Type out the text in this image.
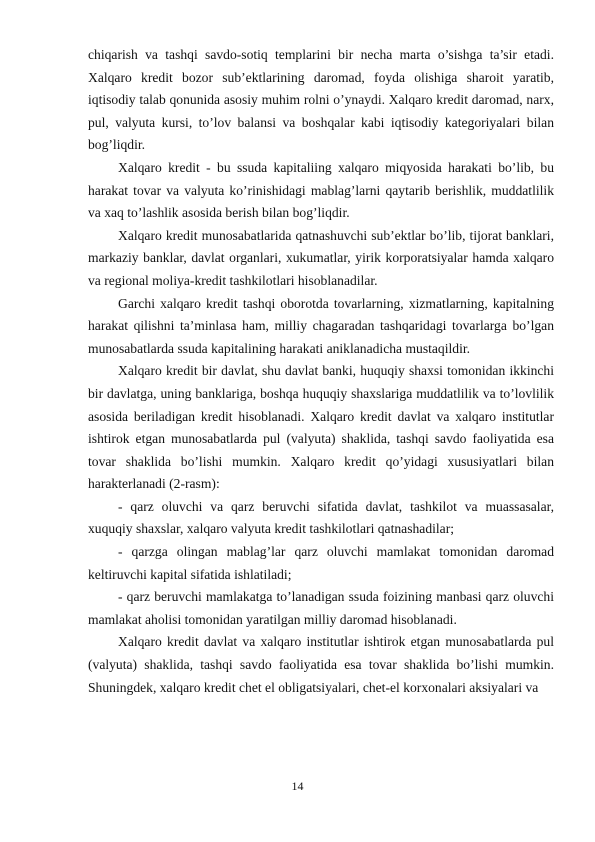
chiqarish va tashqi savdo-sotiq templarini bir necha marta o’sishga ta’sir etadi. Xalqaro kredit bozor sub’ektlarining daromad, foyda olishiga sharoit yaratib, iqtisodiy talab qonunida asosiy muhim rolni o’ynaydi. Xalqaro kredit daromad, narx, pul, valyuta kursi, to’lov balansi va boshqalar kabi iqtisodiy kategoriyalari bilan bog’liqdir.

Xalqaro kredit - bu ssuda kapitaliing xalqaro miqyosida harakati bo’lib, bu harakat tovar va valyuta ko’rinishidagi mablag’larni qaytarib berishlik, muddatlilik va xaq to’lashlik asosida berish bilan bog’liqdir.

Xalqaro kredit munosabatlarida qatnashuvchi sub’ektlar bo’lib, tijorat banklari, markaziy banklar, davlat organlari, xukumatlar, yirik korporatsiyalar hamda xalqaro va regional moliya-kredit tashkilotlari hisoblanadilar.

Garchi xalqaro kredit tashqi oborotda tovarlarning, xizmatlarning, kapitalning harakat qilishni ta’minlasa ham, milliy chagaradan tashqaridagi tovarlarga bo’lgan munosabatlarda ssuda kapitalining harakati aniklanadicha mustaqildir.

Xalqaro kredit bir davlat, shu davlat banki, huquqiy shaxsi tomonidan ikkinchi bir davlatga, uning banklariga, boshqa huquqiy shaxslariga muddatlilik va to’lovlilik asosida beriladigan kredit hisoblanadi. Xalqaro kredit davlat va xalqaro institutlar ishtirok etgan munosabatlarda pul (valyuta) shaklida, tashqi savdo faoliyatida esa tovar shaklida bo’lishi mumkin. Xalqaro kredit qo’yidagi xususiyatlari bilan harakterlanadi (2-rasm):

- qarz oluvchi va qarz beruvchi sifatida davlat, tashkilot va muassasalar, xuquqiy shaxslar, xalqaro valyuta kredit tashkilotlari qatnashadilar;

- qarzga olingan mablag’lar qarz oluvchi mamlakat tomonidan daromad keltiruvchi kapital sifatida ishlatiladi;

- qarz beruvchi mamlakatga to’lanadigan ssuda foizining manbasi qarz oluvchi mamlakat aholisi tomonidan yaratilgan milliy daromad hisoblanadi.

Xalqaro kredit davlat va xalqaro institutlar ishtirok etgan munosabatlarda pul (valyuta) shaklida, tashqi savdo faoliyatida esa tovar shaklida bo’lishi mumkin. Shuningdek, xalqaro kredit chet el obligatsiyalari, chet-el korxonalari aksiyalari va

14
